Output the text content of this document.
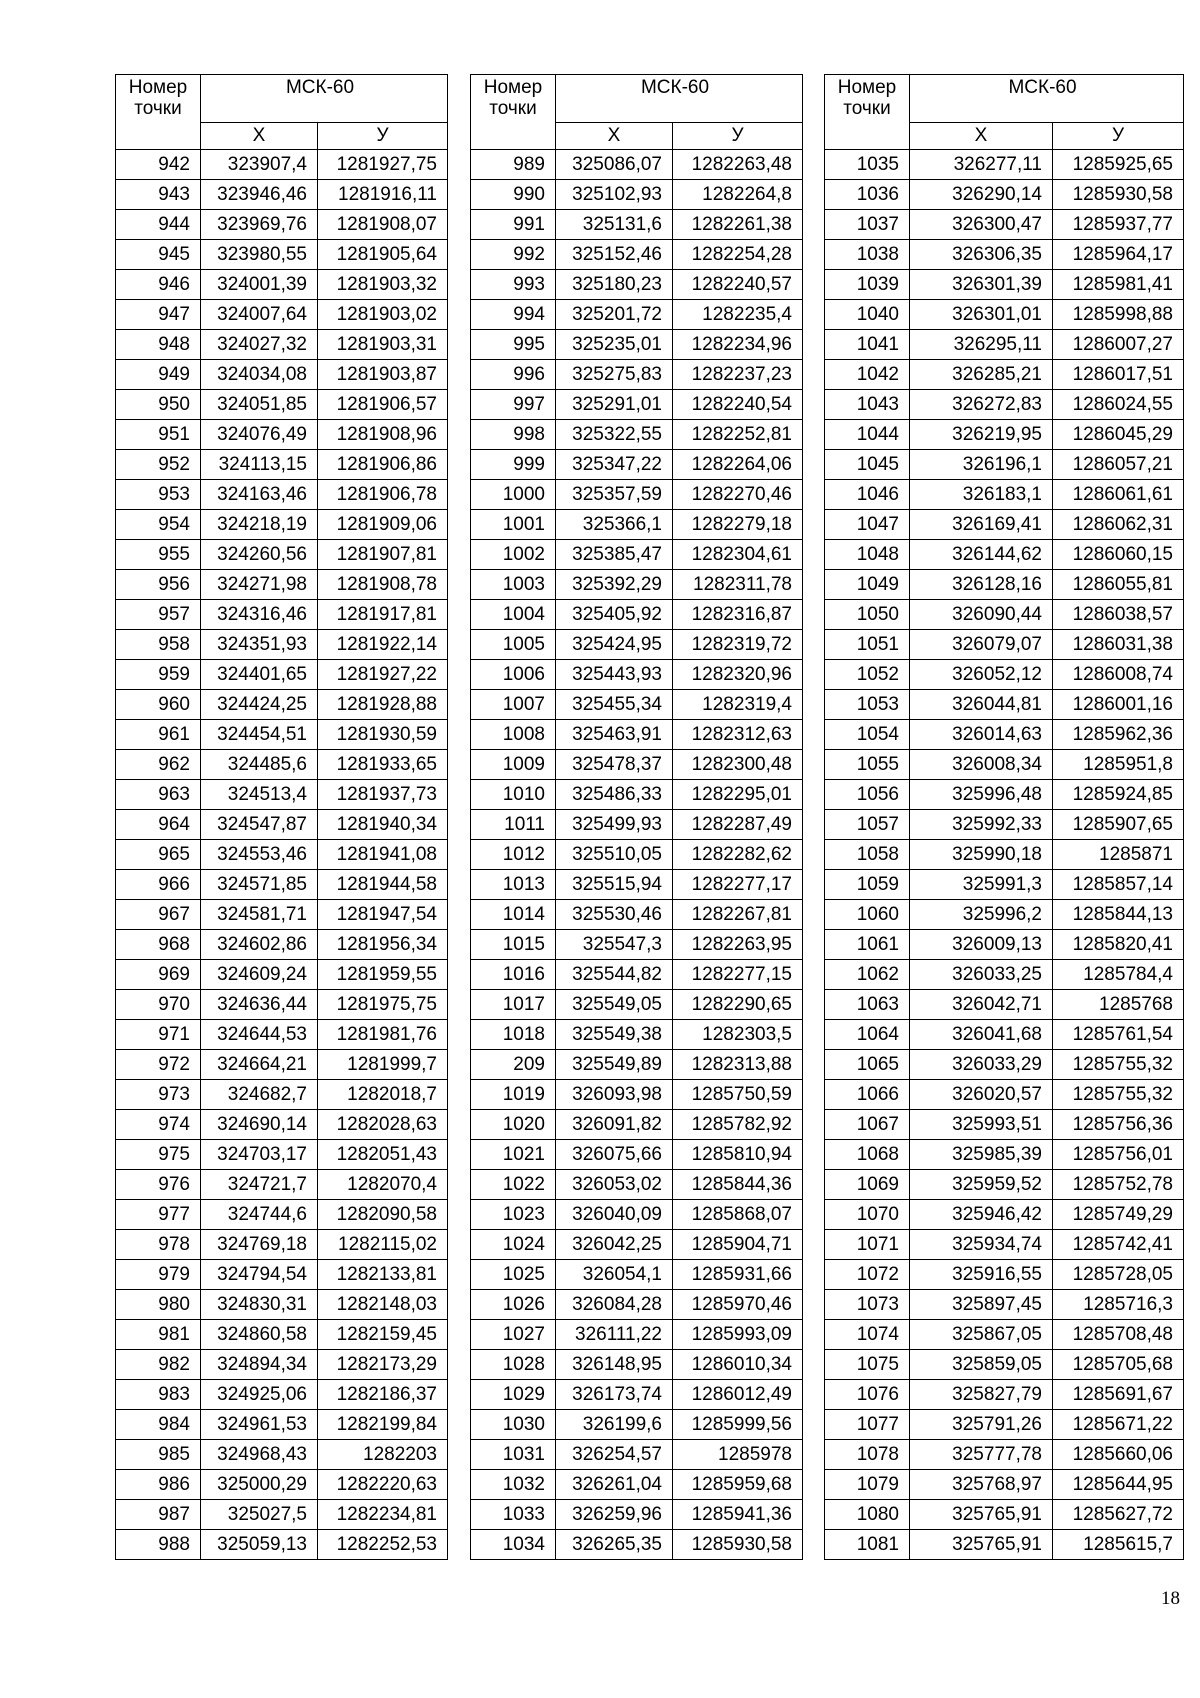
Номер
точки	МСК-60	
	Х	У
942	323907,4	1281927,75
943	323946,46	1281916,11
944	323969,76	1281908,07
945	323980,55	1281905,64
946	324001,39	1281903,32
947	324007,64	1281903,02
948	324027,32	1281903,31
949	324034,08	1281903,87
950	324051,85	1281906,57
951	324076,49	1281908,96
952	324113,15	1281906,86
953	324163,46	1281906,78
954	324218,19	1281909,06
955	324260,56	1281907,81
956	324271,98	1281908,78
957	324316,46	1281917,81
958	324351,93	1281922,14
959	324401,65	1281927,22
960	324424,25	1281928,88
961	324454,51	1281930,59
962	324485,6	1281933,65
963	324513,4	1281937,73
964	324547,87	1281940,34
965	324553,46	1281941,08
966	324571,85	1281944,58
967	324581,71	1281947,54
968	324602,86	1281956,34
969	324609,24	1281959,55
970	324636,44	1281975,75
971	324644,53	1281981,76
972	324664,21	1281999,7
973	324682,7	1282018,7
974	324690,14	1282028,63
975	324703,17	1282051,43
976	324721,7	1282070,4
977	324744,6	1282090,58
978	324769,18	1282115,02
979	324794,54	1282133,81
980	324830,31	1282148,03
981	324860,58	1282159,45
982	324894,34	1282173,29
983	324925,06	1282186,37
984	324961,53	1282199,84
985	324968,43	1282203
986	325000,29	1282220,63
987	325027,5	1282234,81
988	325059,13	1282252,53
Номер
точки	МСК-60	
	Х	У
989	325086,07	1282263,48
990	325102,93	1282264,8
991	325131,6	1282261,38
992	325152,46	1282254,28
993	325180,23	1282240,57
994	325201,72	1282235,4
995	325235,01	1282234,96
996	325275,83	1282237,23
997	325291,01	1282240,54
998	325322,55	1282252,81
999	325347,22	1282264,06
1000	325357,59	1282270,46
1001	325366,1	1282279,18
1002	325385,47	1282304,61
1003	325392,29	1282311,78
1004	325405,92	1282316,87
1005	325424,95	1282319,72
1006	325443,93	1282320,96
1007	325455,34	1282319,4
1008	325463,91	1282312,63
1009	325478,37	1282300,48
1010	325486,33	1282295,01
1011	325499,93	1282287,49
1012	325510,05	1282282,62
1013	325515,94	1282277,17
1014	325530,46	1282267,81
1015	325547,3	1282263,95
1016	325544,82	1282277,15
1017	325549,05	1282290,65
1018	325549,38	1282303,5
209	325549,89	1282313,88
1019	326093,98	1285750,59
1020	326091,82	1285782,92
1021	326075,66	1285810,94
1022	326053,02	1285844,36
1023	326040,09	1285868,07
1024	326042,25	1285904,71
1025	326054,1	1285931,66
1026	326084,28	1285970,46
1027	326111,22	1285993,09
1028	326148,95	1286010,34
1029	326173,74	1286012,49
1030	326199,6	1285999,56
1031	326254,57	1285978
1032	326261,04	1285959,68
1033	326259,96	1285941,36
1034	326265,35	1285930,58
Номер
точки	МСК-60	
	Х	У
1035	326277,11	1285925,65
1036	326290,14	1285930,58
1037	326300,47	1285937,77
1038	326306,35	1285964,17
1039	326301,39	1285981,41
1040	326301,01	1285998,88
1041	326295,11	1286007,27
1042	326285,21	1286017,51
1043	326272,83	1286024,55
1044	326219,95	1286045,29
1045	326196,1	1286057,21
1046	326183,1	1286061,61
1047	326169,41	1286062,31
1048	326144,62	1286060,15
1049	326128,16	1286055,81
1050	326090,44	1286038,57
1051	326079,07	1286031,38
1052	326052,12	1286008,74
1053	326044,81	1286001,16
1054	326014,63	1285962,36
1055	326008,34	1285951,8
1056	325996,48	1285924,85
1057	325992,33	1285907,65
1058	325990,18	1285871
1059	325991,3	1285857,14
1060	325996,2	1285844,13
1061	326009,13	1285820,41
1062	326033,25	1285784,4
1063	326042,71	1285768
1064	326041,68	1285761,54
1065	326033,29	1285755,32
1066	326020,57	1285755,32
1067	325993,51	1285756,36
1068	325985,39	1285756,01
1069	325959,52	1285752,78
1070	325946,42	1285749,29
1071	325934,74	1285742,41
1072	325916,55	1285728,05
1073	325897,45	1285716,3
1074	325867,05	1285708,48
1075	325859,05	1285705,68
1076	325827,79	1285691,67
1077	325791,26	1285671,22
1078	325777,78	1285660,06
1079	325768,97	1285644,95
1080	325765,91	1285627,72
1081	325765,91	1285615,7
18
